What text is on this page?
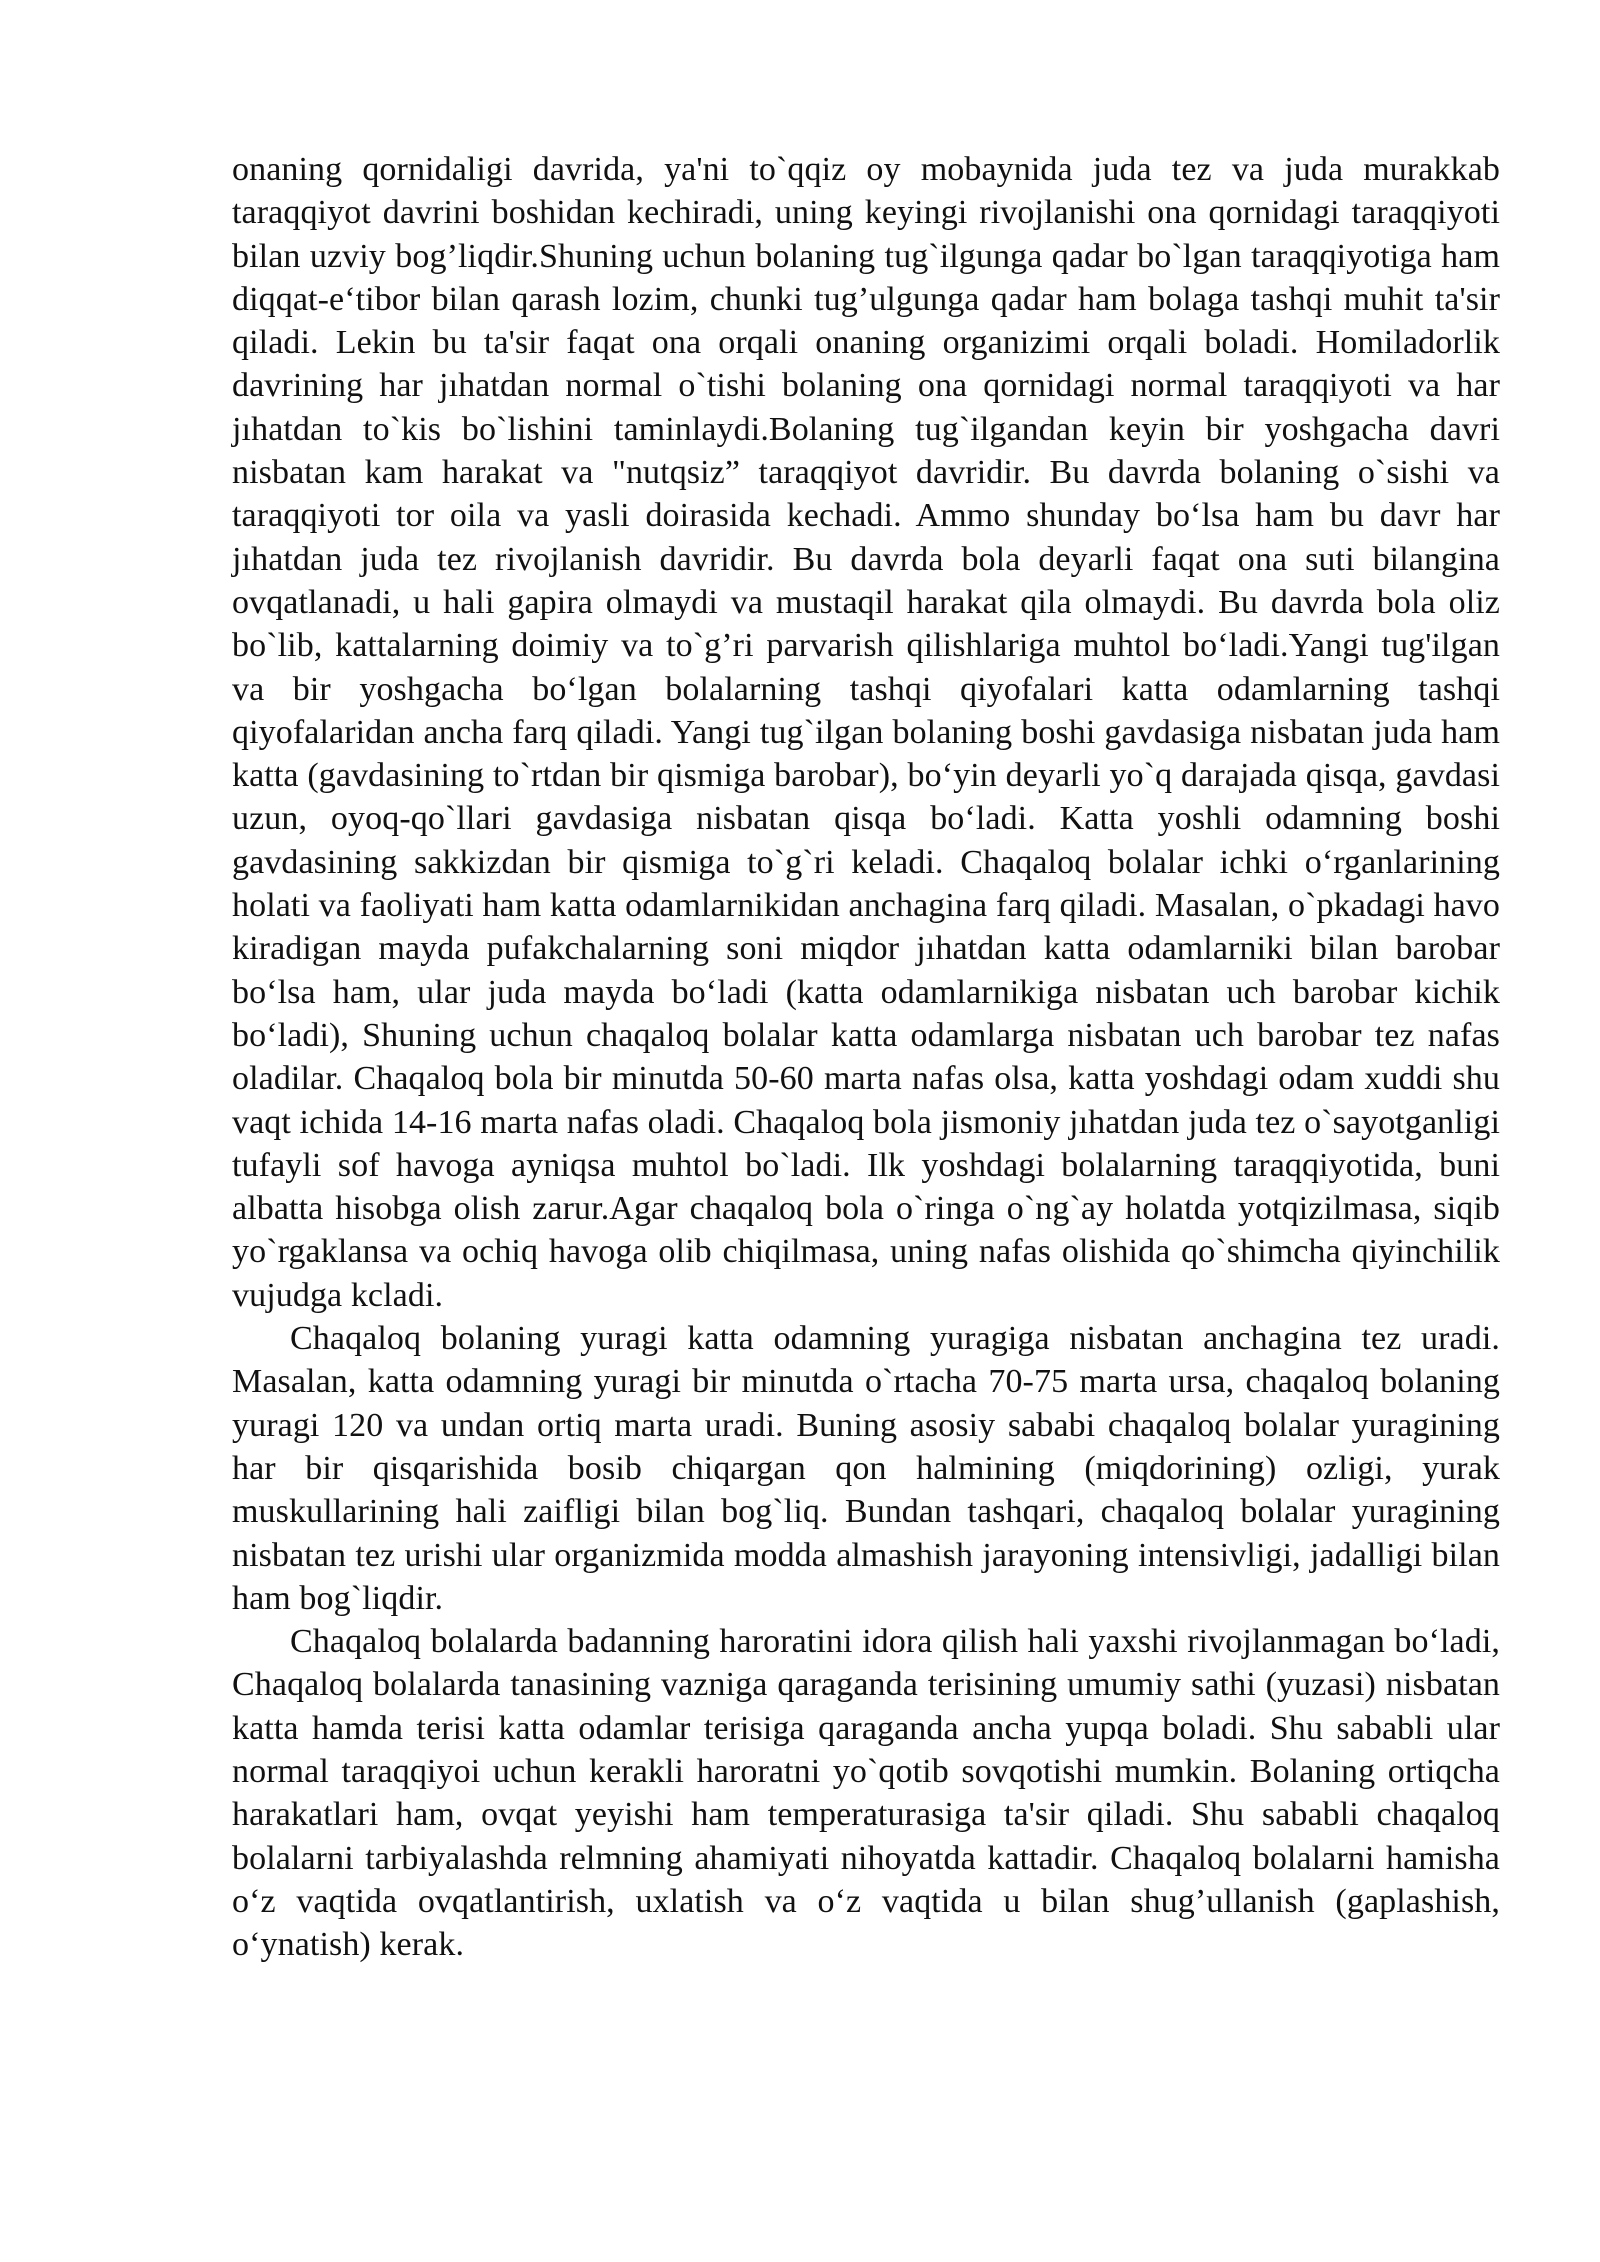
onaning qornidaligi davrida, ya'ni to`qqiz oy mobaynida juda tez va juda murakkab taraqqiyot davrini boshidan kechiradi, uning keyingi rivojlanishi ona qornidagi taraqqiyoti bilan uzviy bog’liqdir.Shuning uchun bolaning tug`ilgunga qadar bo`lgan taraqqiyotiga ham diqqat-e‘tibor bilan qarash lozim, chunki tug’ulgunga qadar ham bolaga tashqi muhit ta'sir qiladi. Lekin bu ta'sir faqat ona orqali onaning organizimi orqali boladi. Homiladorlik davrining har jıhatdan normal o`tishi bolaning ona qornidagi normal taraqqiyoti va har jıhatdan to`kis bo`lishini taminlaydi.Bolaning tug`ilgandan keyin bir yoshgacha davri nisbatan kam harakat va "nutqsiz” taraqqiyot davridir. Bu davrda bolaning o`sishi va taraqqiyoti tor oila va yasli doirasida kechadi. Ammo shunday bo‘lsa ham bu davr har jıhatdan juda tez rivojlanish davridir. Bu davrda bola deyarli faqat ona suti bilangina ovqatlanadi, u hali gapira olmaydi va mustaqil harakat qila olmaydi. Bu davrda bola oliz bo`lib, kattalarning doimiy va to`g’ri parvarish qilishlariga muhtol bo‘ladi.Yangi tug'ilgan va bir yoshgacha bo‘lgan bolalarning tashqi qiyofalari katta odamlarning tashqi qiyofalaridan ancha farq qiladi. Yangi tug`ilgan bolaning boshi gavdasiga nisbatan juda ham katta (gavdasining to`rtdan bir qismiga barobar), bo‘yin deyarli yo`q darajada qisqa, gavdasi uzun, oyoq-qo`llari gavdasiga nisbatan qisqa bo‘ladi. Katta yoshli odamning boshi gavdasining sakkizdan bir qismiga to`g`ri keladi. Chaqaloq bolalar ichki o‘rganlarining holati va faoliyati ham katta odamlarnikidan anchagina farq qiladi. Masalan, o`pkadagi havo kiradigan mayda pufakchalarning soni miqdor jıhatdan katta odamlarniki bilan barobar bo‘lsa ham, ular juda mayda bo‘ladi (katta odamlarnikiga nisbatan uch barobar kichik bo‘ladi), Shuning uchun chaqaloq bolalar katta odamlarga nisbatan uch barobar tez nafas oladilar. Chaqaloq bola bir minutda 50-60 marta nafas olsa, katta yoshdagi odam xuddi shu vaqt ichida 14-16 marta nafas oladi. Chaqaloq bola jismoniy jıhatdan juda tez o`sayotganligi tufayli sof havoga ayniqsa muhtol bo`ladi. Ilk yoshdagi bolalarning taraqqiyotida, buni albatta hisobga olish zarur.Agar chaqaloq bola o`ringa o`ng`ay holatda yotqizilmasa, siqib yo`rgaklansa va ochiq havoga olib chiqilmasa, uning nafas olishida qo`shimcha qiyinchilik vujudga kcladi.

Chaqaloq bolaning yuragi katta odamning yuragiga nisbatan anchagina tez uradi. Masalan, katta odamning yuragi bir minutda o`rtacha 70-75 marta ursa, chaqaloq bolaning yuragi 120 va undan ortiq marta uradi. Buning asosiy sababi chaqaloq bolalar yuragining har bir qisqarishida bosib chiqargan qon halmining (miqdorining) ozligi, yurak muskullarining hali zaifligi bilan bog`liq. Bundan tashqari, chaqaloq bolalar yuragining nisbatan tez urishi ular organizmida modda almashish jarayoning intensivligi, jadalligi bilan ham bog`liqdir.

Chaqaloq bolalarda badanning haroratini idora qilish hali yaxshi rivojlanmagan bo‘ladi, Chaqaloq bolalarda tanasining vazniga qaraganda terisining umumiy sathi (yuzasi) nisbatan katta hamda terisi katta odamlar terisiga qaraganda ancha yupqa boladi. Shu sababli ular normal taraqqiyoi uchun kerakli haroratni yo`qotib sovqotishi mumkin. Bolaning ortiqcha harakatlari ham, ovqat yeyishi ham temperaturasiga ta'sir qiladi. Shu sababli chaqaloq bolalarni tarbiyalashda relmning ahamiyati nihoyatda kattadir. Chaqaloq bolalarni hamisha o‘z vaqtida ovqatlantirish, uxlatish va o‘z vaqtida u bilan shug’ullanish (gaplashish, o‘ynatish) kerak.
